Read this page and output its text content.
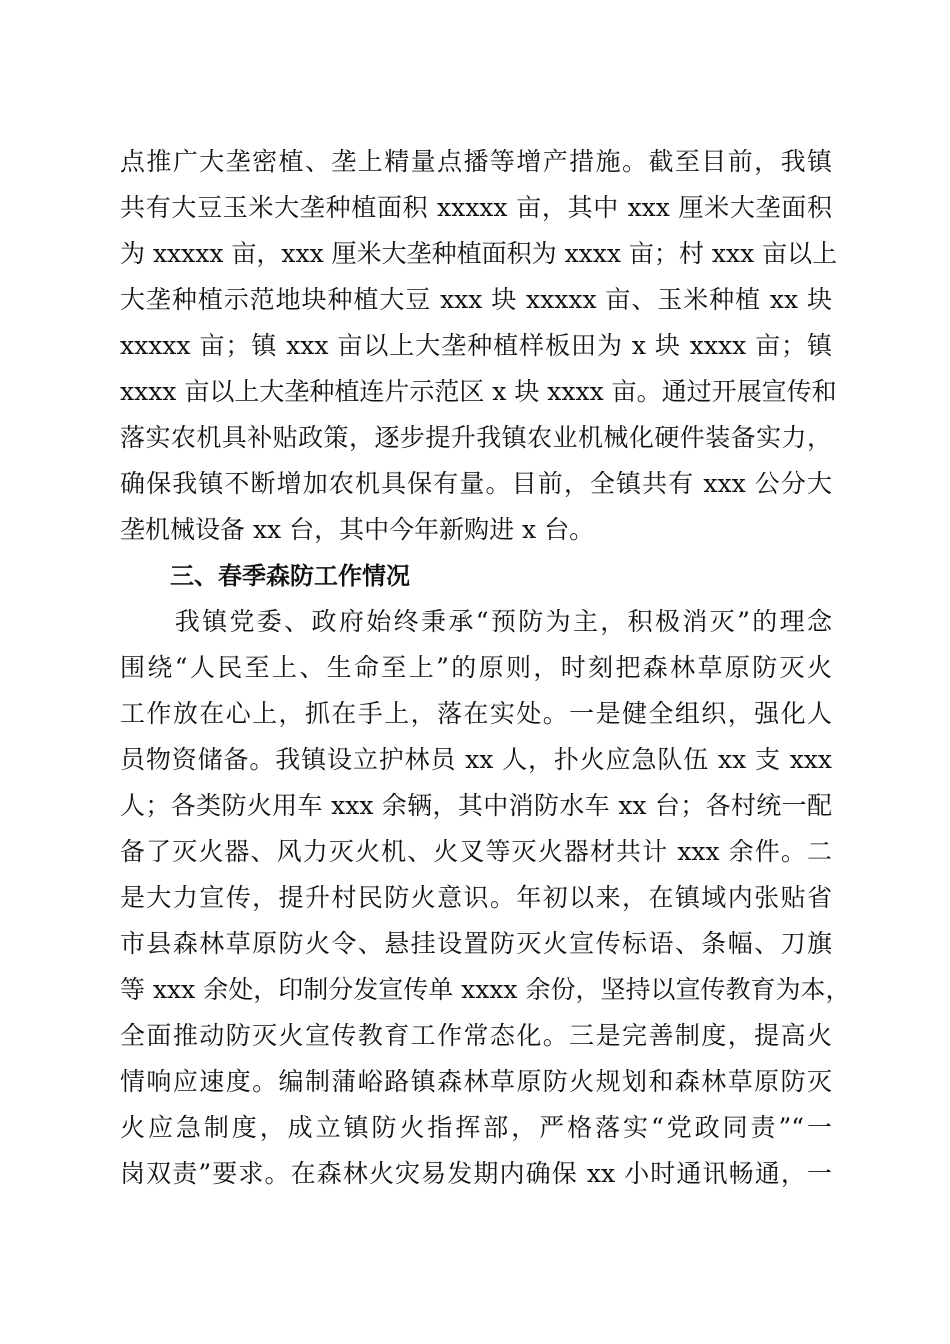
点推广大垄密植、垄上精量点播等增产措施。截至目前，我镇
共有大豆玉米大垄种植面积 xxxxx 亩，其中 xxx 厘米大垄面积
为 xxxxx 亩，xxx 厘米大垄种植面积为 xxxx 亩；村 xxx 亩以上
大垄种植示范地块种植大豆 xxx 块 xxxxx 亩、玉米种植 xx 块
xxxxx 亩；镇 xxx 亩以上大垄种植样板田为 x 块 xxxx 亩；镇
xxxx 亩以上大垄种植连片示范区 x 块 xxxx 亩。通过开展宣传和
落实农机具补贴政策，逐步提升我镇农业机械化硬件装备实力，
确保我镇不断增加农机具保有量。目前，全镇共有 xxx 公分大
垄机械设备 xx 台，其中今年新购进 x 台。
三、春季森防工作情况
　　我镇党委、政府始终秉承“预防为主，积极消灭”的理念
围绕“人民至上、生命至上”的原则，时刻把森林草原防灭火
工作放在心上，抓在手上，落在实处。一是健全组织，强化人
员物资储备。我镇设立护林员 xx 人，扑火应急队伍 xx 支 xxx
人；各类防火用车 xxx 余辆，其中消防水车 xx 台；各村统一配
备了灭火器、风力灭火机、火叉等灭火器材共计 xxx 余件。二
是大力宣传，提升村民防火意识。年初以来，在镇域内张贴省
市县森林草原防火令、悬挂设置防灭火宣传标语、条幅、刀旗
等 xxx 余处，印制分发宣传单 xxxx 余份，坚持以宣传教育为本，
全面推动防灭火宣传教育工作常态化。三是完善制度，提高火
情响应速度。编制蒲峪路镇森林草原防火规划和森林草原防灭
火应急制度，成立镇防火指挥部，严格落实“党政同责”“一
岗双责”要求。在森林火灾易发期内确保 xx 小时通讯畅通，一
